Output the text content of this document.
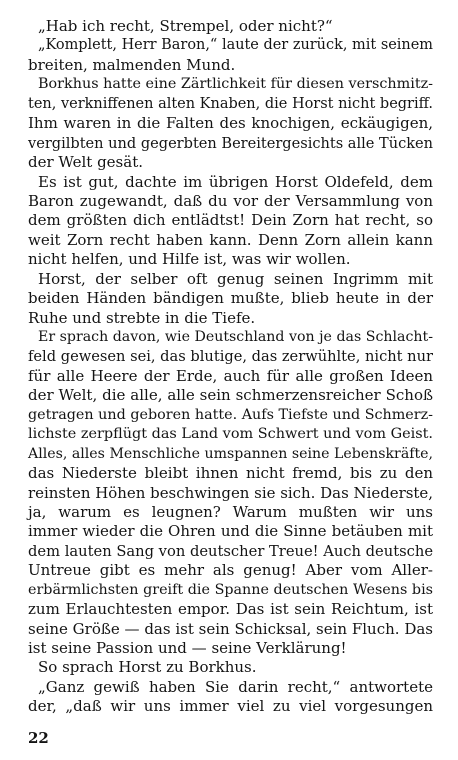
„Hab ich recht, Strempel, oder nicht?“
„Komplett, Herr Baron,“ laute der zurück, mit seinem
breiten, malmenden Mund.
Borkhus hatte eine Zärtlichkeit für diesen verschmitz-
ten, verkniffenen alten Knaben, die Horst nicht begriff.
Ihm waren in die Falten des knochigen, eckäugigen,
vergilbten und gegerbten Bereitergesichts alle Tücken
der Welt gesät.
Es ist gut, dachte im übrigen Horst Oldefeld, dem
Baron zugewandt, daß du vor der Versammlung von
dem größten dich entlädtst! Dein Zorn hat recht, so
weit Zorn recht haben kann. Denn Zorn allein kann
nicht helfen, und Hilfe ist, was wir wollen.
Horst, der selber oft genug seinen Ingrimm mit
beiden Händen bändigen mußte, blieb heute in der
Ruhe und strebte in die Tiefe.
Er sprach davon, wie Deutschland von je das Schlacht-
feld gewesen sei, das blutige, das zerwühlte, nicht nur
für alle Heere der Erde, auch für alle großen Ideen
der Welt, die alle, alle sein schmerzensreicher Schoß
getragen und geboren hatte. Aufs Tiefste und Schmerz-
lichste zerpflügt das Land vom Schwert und vom Geist.
Alles, alles Menschliche umspannen seine Lebenskräfte,
das Niederste bleibt ihnen nicht fremd, bis zu den
reinsten Höhen beschwingen sie sich. Das Niederste,
ja, warum es leugnen? Warum mußten wir uns
immer wieder die Ohren und die Sinne betäuben mit
dem lauten Sang von deutscher Treue! Auch deutsche
Untreue gibt es mehr als genug! Aber vom Aller-
erbärmlichsten greift die Spanne deutschen Wesens bis
zum Erlauchtesten empor. Das ist sein Reichtum, ist
seine Größe — das ist sein Schicksal, sein Fluch. Das
ist seine Passion und — seine Verklärung!
So sprach Horst zu Borkhus.
„Ganz gewiß haben Sie darin recht,“ antwortete
der, „daß wir uns immer viel zu viel vorgesungen
22
